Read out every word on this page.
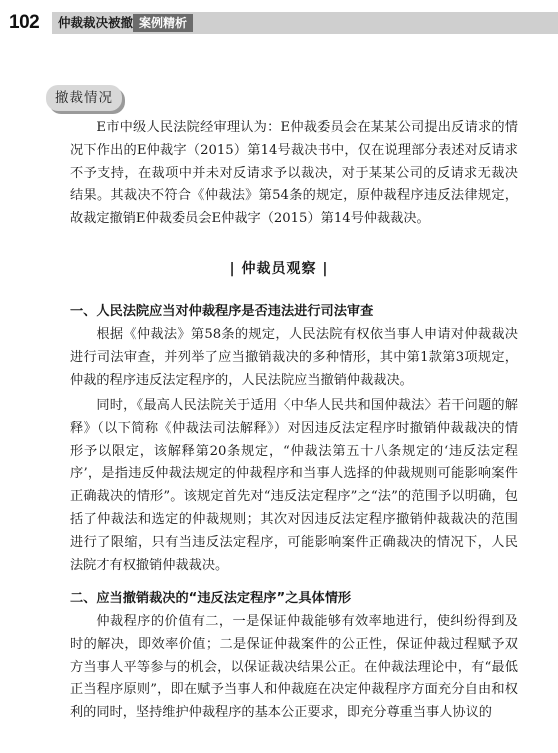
102 仲裁裁决被撤 案例精析
撤裁情况

E市中级人民法院经审理认为：E仲裁委员会在某某公司提出反请求的情况下作出的E仲裁字（2015）第14号裁决书中，仅在说理部分表述对反请求不予支持，在裁项中并未对反请求予以裁决，对于某某公司的反请求无裁决结果。其裁决不符合《仲裁法》第54条的规定，原仲裁程序违反法律规定，故裁定撤销E仲裁委员会E仲裁字（2015）第14号仲裁裁决。

| 仲裁员观察 |
一、人民法院应当对仲裁程序是否违法进行司法审查

根据《仲裁法》第58条的规定，人民法院有权依当事人申请对仲裁裁决进行司法审查，并列举了应当撤销裁决的多种情形，其中第1款第3项规定，仲裁的程序违反法定程序的，人民法院应当撤销仲裁裁决。

同时，《最高人民法院关于适用〈中华人民共和国仲裁法〉若干问题的解释》（以下简称《仲裁法司法解释》）对因违反法定程序时撤销仲裁裁决的情形予以限定，该解释第20条规定，“仲裁法第五十八条规定的‘违反法定程序’，是指违反仲裁法规定的仲裁程序和当事人选择的仲裁规则可能影响案件正确裁决的情形”。该规定首先对“违反法定程序”之“法”的范围予以明确，包括了仲裁法和选定的仲裁规则；其次对因违反法定程序撤销仲裁裁决的范围进行了限缩，只有当违反法定程序，可能影响案件正确裁决的情况下，人民法院才有权撤销仲裁裁决。

二、应当撤销裁决的“违反法定程序”之具体情形

仲裁程序的价值有二，一是保证仲裁能够有效率地进行，使纠纷得到及时的解决，即效率价值；二是保证仲裁案件的公正性，保证仲裁过程赋予双方当事人平等参与的机会，以保证裁决结果公正。在仲裁法理论中，有“最低正当程序原则”，即在赋予当事人和仲裁庭在决定仲裁程序方面充分自由和权利的同时，坚持维护仲裁程序的基本公正要求，即充分尊重当事人协议的
